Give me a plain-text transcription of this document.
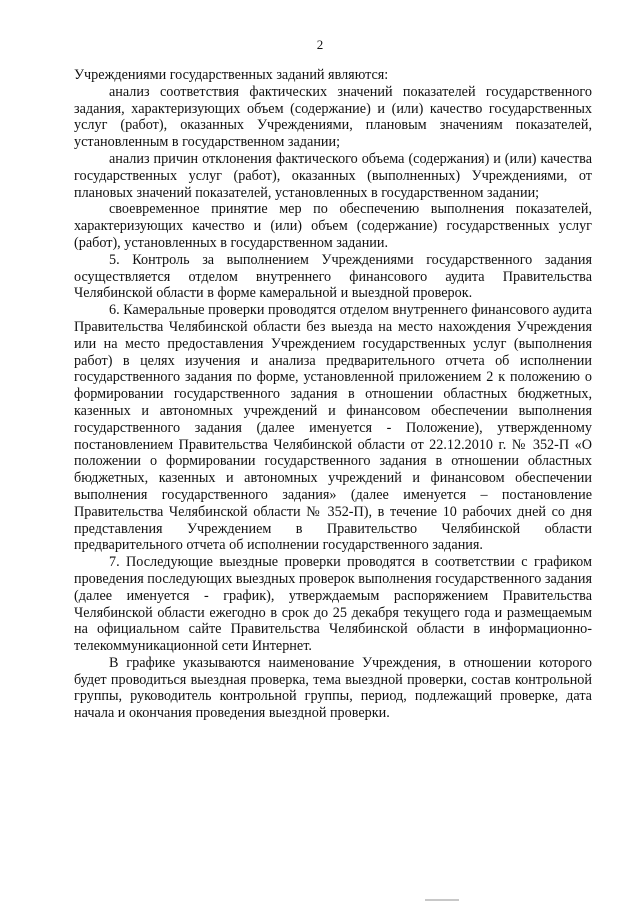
2

Учреждениями государственных заданий являются:

анализ соответствия фактических значений показателей государственного задания, характеризующих объем (содержание) и (или) качество государственных услуг (работ), оказанных Учреждениями, плановым значениям показателей, установленным в государственном задании;

анализ причин отклонения фактического объема (содержания) и (или) качества государственных услуг (работ), оказанных (выполненных) Учреждениями, от плановых значений показателей, установленных в государственном задании;

своевременное принятие мер по обеспечению выполнения показателей, характеризующих качество и (или) объем (содержание) государственных услуг (работ), установленных в государственном задании.

5. Контроль за выполнением Учреждениями государственного задания осуществляется отделом внутреннего финансового аудита Правительства Челябинской области в форме камеральной и выездной проверок.

6. Камеральные проверки проводятся отделом внутреннего финансового аудита Правительства Челябинской области без выезда на место нахождения Учреждения или на место предоставления Учреждением государственных услуг (выполнения работ) в целях изучения и анализа предварительного отчета об исполнении государственного задания по форме, установленной приложением 2 к положению о формировании государственного задания в отношении областных бюджетных, казенных и автономных учреждений и финансовом обеспечении выполнения государственного задания (далее именуется - Положение), утвержденному постановлением Правительства Челябинской области от 22.12.2010 г. № 352-П «О положении о формировании государственного задания в отношении областных бюджетных, казенных и автономных учреждений и финансовом обеспечении выполнения государственного задания» (далее именуется – постановление Правительства Челябинской области № 352-П), в течение 10 рабочих дней со дня представления Учреждением в Правительство Челябинской области предварительного отчета об исполнении государственного задания.

7. Последующие выездные проверки проводятся в соответствии с графиком проведения последующих выездных проверок выполнения государственного задания (далее именуется - график), утверждаемым распоряжением Правительства Челябинской области ежегодно в срок до 25 декабря текущего года и размещаемым на официальном сайте Правительства Челябинской области в информационно-телекоммуникационной сети Интернет.

В графике указываются наименование Учреждения, в отношении которого будет проводиться выездная проверка, тема выездной проверки, состав контрольной группы, руководитель контрольной группы, период, подлежащий проверке, дата начала и окончания проведения выездной проверки.
